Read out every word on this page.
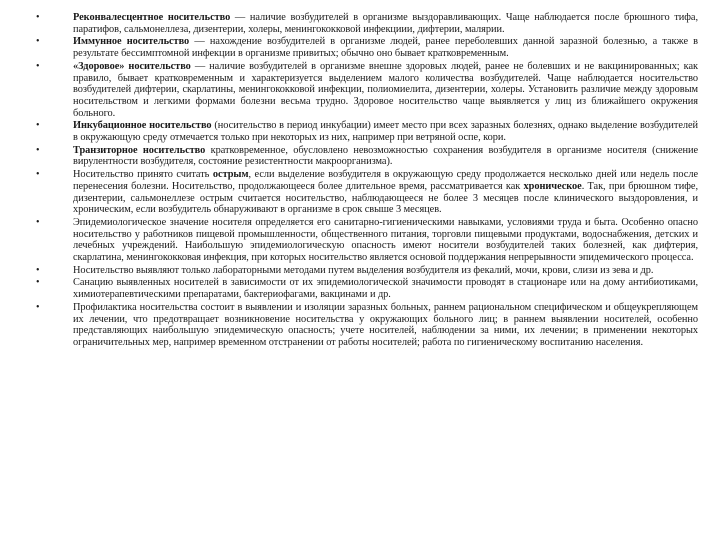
•	Реконвалесцентное носительство — наличие возбудителей в организме выздоравливающих. Чаще наблюдается после брюшного тифа, паратифов, сальмонеллеза, дизентерии, холеры, менингококковой инфекциии, дифтерии, малярии.
•	Иммунное носительство — нахождение возбудителей в организме людей, ранее переболевших данной заразной болезнью, а также в результате бессимптомной инфекции в организме привитых; обычно оно бывает кратковременным.
•	«Здоровое» носительство — наличие возбудителей в организме внешне здоровых людей, ранее не болевших и не вакцинированных; как правило, бывает кратковременным и характеризуется выделением малого количества возбудителей. Чаще наблюдается носительство возбудителей дифтерии, скарлатины, менингококковой инфекции, полиомиелита, дизентерии, холеры. Установить различие между здоровым носительством и легкими формами болезни весьма трудно. Здоровое носительство чаще выявляется у лиц из ближайшего окружения больного.
•	Инкубационное носительство (носительство в период инкубации) имеет место при всех заразных болезнях, однако выделение возбудителей в окружающую среду отмечается только при некоторых из них, например при ветряной оспе, кори.
•	Транзиторное носительство кратковременное, обусловлено невозможностью сохранения возбудителя в организме носителя (снижение вирулентности возбудителя, состояние резистентности макроорганизма).
•	Носительство принято считать острым, если выделение возбудителя в окружающую среду продолжается несколько дней или недель после перенесения болезни. Носительство, продолжающееся более длительное время, рассматривается как хроническое. Так, при брюшном тифе, дизентерии, сальмонеллезе острым считается носительство, наблюдающееся не более 3 месяцев после клинического выздоровления, и хроническим, если возбудитель обнаруживают в организме в срок свыше 3 месяцев.
•	Эпидемиологическое значение носителя определяется его санитарно-гигиеническими навыками, условиями труда и быта. Особенно опасно носительство у работников пищевой промышленности, общественного питания, торговли пищевыми продуктами, водоснабжения, детских и лечебных учреждений. Наибольшую эпидемиологическую опасность имеют носители возбудителей таких болезней, как дифтерия, скарлатина, менингококковая инфекция, при которых носительство является основой поддержания непрерывности эпидемического процесса.
•	Носительство выявляют только лабораторными методами путем выделения возбудителя из фекалий, мочи, крови, слизи из зева и др.
•	Санацию выявленных носителей в зависимости от их эпидемиологической значимости проводят в стационаре или на дому антибиотиками, химиотерапевтическими препаратами, бактериофагами, вакцинами и др.
•	Профилактика носительства состоит в выявлении и изоляции заразных больных, раннем рациональном специфическом и общеукрепляющем их лечении, что предотвращает возникновение носительства у окружающих больного лиц; в раннем выявлении носителей, особенно представляющих наибольшую эпидемическую опасность; учете носителей, наблюдении за ними, их лечении; в применении некоторых ограничительных мер, например временном отстранении от работы носителей; работа по гигиеническому воспитанию населения.
